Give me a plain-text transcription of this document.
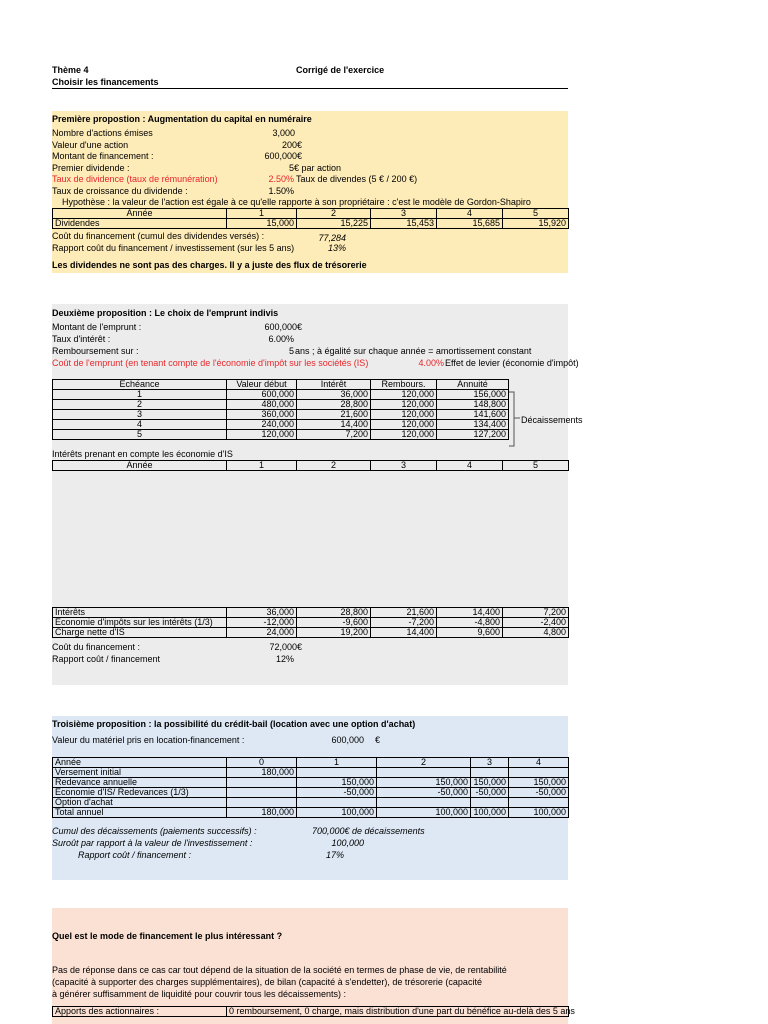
Thème 4
Choisir les financements
Corrigé de l'exercice
Première propostion : Augmentation du capital en numéraire
Nombre d'actions émises	3,000
Valeur d'une action	200€
Montant de financement :	600,000€
Premier dividende :	5€ par action
Taux de dividence (taux de rémunération)	2.50% Taux de divendes (5 € / 200 €)
Taux de croissance du dividende :	1.50%
Hypothèse : la valeur de l'action est égale à ce qu'elle rapporte à son propriétaire : c'est le modèle de Gordon-Shapiro
Année	1	2	3	4	5
Dividendes	15,000	15,225	15,453	15,685	15,920
Coût du financement (cumul des dividendes versés) :	77,284
Rapport coût du financement / investissement (sur les 5 ans)	13%
Les dividendes ne sont pas des charges. Il y a juste des flux de trésorerie
Deuxième proposition : Le choix de l'emprunt indivis
Montant de l'emprunt :	600,000€
Taux d'intérêt :	6.00%
Remboursement sur :	5 ans ; à égalité sur chaque année = amortissement constant
Coût de l'emprunt (en tenant compte de l'économie d'impôt sur les sociétés (IS)	4.00% Effet de levier (économie d'impôt)
Échéance	Valeur début	Intérêt	Rembours.	Annuité
1	600,000	36,000	120,000	156,000
2	480,000	28,800	120,000	148,800
3	360,000	21,600	120,000	141,600
4	240,000	14,400	120,000	134,400
5	120,000	7,200	120,000	127,200
Décaissements
Intérêts prenant en compte les économie d'IS
Année	1	2	3	4	5
Intérêts	36,000	28,800	21,600	14,400	7,200
Économie d'impôts sur les intérêts (1/3)	-12,000	-9,600	-7,200	-4,800	-2,400
Charge nette d'IS	24,000	19,200	14,400	9,600	4,800
Coût du financement :	72,000€
Rapport coût / financement	12%
Troisième proposition : la possibilité du crédit-bail (location avec une option d'achat)
Valeur du matériel pris en location-financement :	600,000 €
Année	0	1	2	3	4
Versement initial	180,000				
Redevance annuelle		150,000	150,000	150,000	150,000
Économie d'IS/ Redevances (1/3)		-50,000	-50,000	-50,000	-50,000
Option d'achat					
Total annuel	180,000	100,000	100,000	100,000	100,000
Cumul des décaissements (paiements successifs) :	700,000€ de décaissements
Suroût par rapport à la valeur de l'investissement :	100,000
Rapport coût / financement :	17%
Quel est le mode de financement le plus intéressant ?
Pas de réponse dans ce cas car tout dépend de la situation de la société en termes de phase de vie, de rentabilité
(capacité à supporter des charges supplémentaires), de bilan (capacité à s'endetter), de trésorerie (capacité
à générer suffisamment de liquidité pour couvrir tous les décaissements) :
Apports des actionnaires :	0 remboursement, 0 charge, mais distribution d'une part du bénéfice au-delà des 5 ans
